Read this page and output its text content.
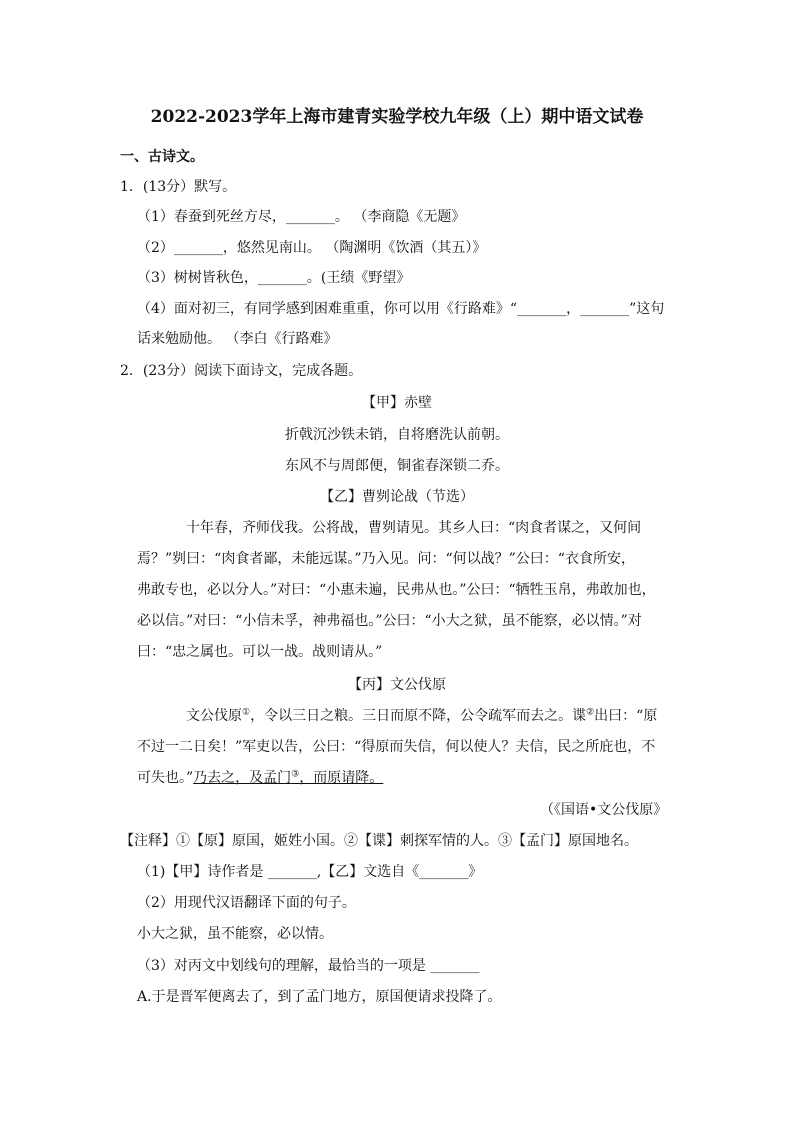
2022-2023学年上海市建青实验学校九年级（上）期中语文试卷
一、古诗文。
1．(13分）默写。
（1）春蚕到死丝方尽，_______。 （李商隐《无题》
（2）_______，悠然见南山。 （陶渊明《饮酒（其五）》
（3）树树皆秋色，_______。(王绩《野望》
（4）面对初三，有同学感到困难重重，你可以用《行路难》“_______，_______”这句
话来勉励他。 （李白《行路难》
2．(23分）阅读下面诗文，完成各题。
【甲】赤壁
折戟沉沙铁未销，自将磨洗认前朝。
东风不与周郎便，铜雀春深锁二乔。
【乙】曹刿论战（节选）
十年春，齐师伐我。公将战，曹刿请见。其乡人曰：“肉食者谋之，又何间
焉？”刿曰：“肉食者鄙，未能远谋。”乃入见。问：“何以战？”公曰：“衣食所安，
弗敢专也，必以分人。”对曰：“小惠未遍，民弗从也。”公曰：“牺牲玉帛，弗敢加也，
必以信。”对曰：“小信未孚，神弗福也。”公曰：“小大之狱，虽不能察，必以情。”对
曰：“忠之属也。可以一战。战则请从。”
【丙】文公伐原
文公伐原①，令以三日之粮。三日而原不降，公令疏军而去之。谍②出曰：“原
不过一二日矣！”军吏以告，公曰：“得原而失信，何以使人？夫信，民之所庇也，不
可失也。”乃去之，及孟门③，而原请降。
（《国语•文公伐原》
【注释】①【原】原国，姬姓小国。②【谍】刺探军情的人。③【孟门】原国地名。
（1)【甲】诗作者是 _______,【乙】文选自《_______》
（2）用现代汉语翻译下面的句子。
小大之狱，虽不能察，必以情。
（3）对丙文中划线句的理解，最恰当的一项是 _______
A.于是晋军便离去了，到了孟门地方，原国便请求投降了。
